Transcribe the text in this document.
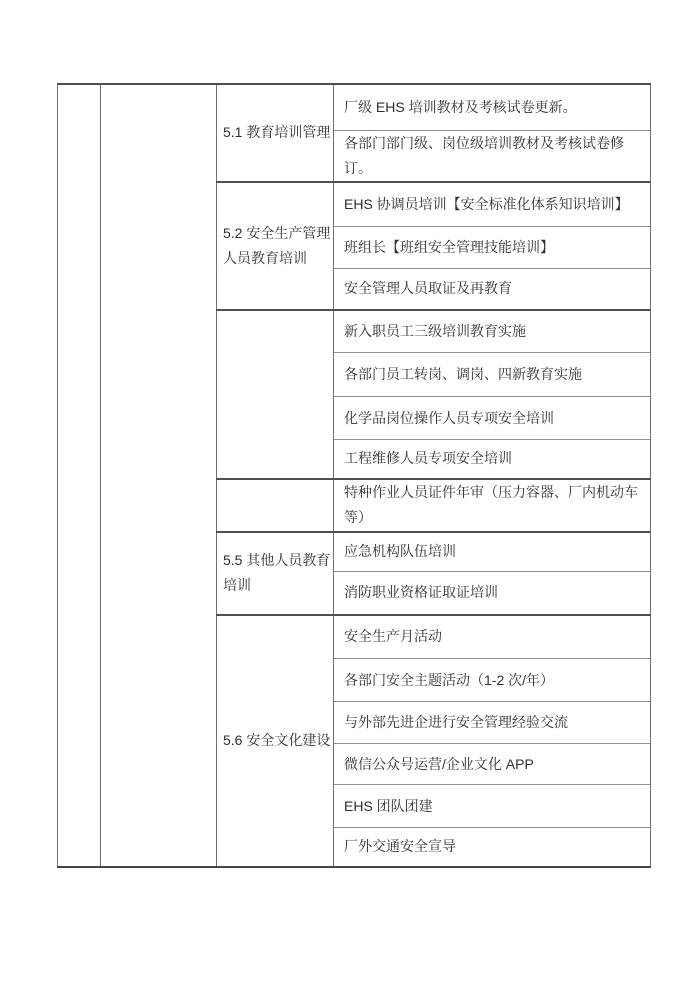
		5.1 教育培训管理	厂级 EHS 培训教材及考核试卷更新。
			各部门部门级、岗位级培训教材及考核试卷修订。
		5.2 安全生产管理人员教育培训	EHS 协调员培训【安全标准化体系知识培训】
			班组长【班组安全管理技能培训】
			安全管理人员取证及再教育
			新入职员工三级培训教育实施
			各部门员工转岗、调岗、四新教育实施
			化学品岗位操作人员专项安全培训
			工程维修人员专项安全培训
			特种作业人员证件年审（压力容器、厂内机动车等）
		5.5 其他人员教育培训	应急机构队伍培训
			消防职业资格证取证培训
		5.6 安全文化建设	安全生产月活动
			各部门安全主题活动（1-2 次/年）
			与外部先进企进行安全管理经验交流
			微信公众号运营/企业文化 APP
			EHS 团队团建
			厂外交通安全宣导
